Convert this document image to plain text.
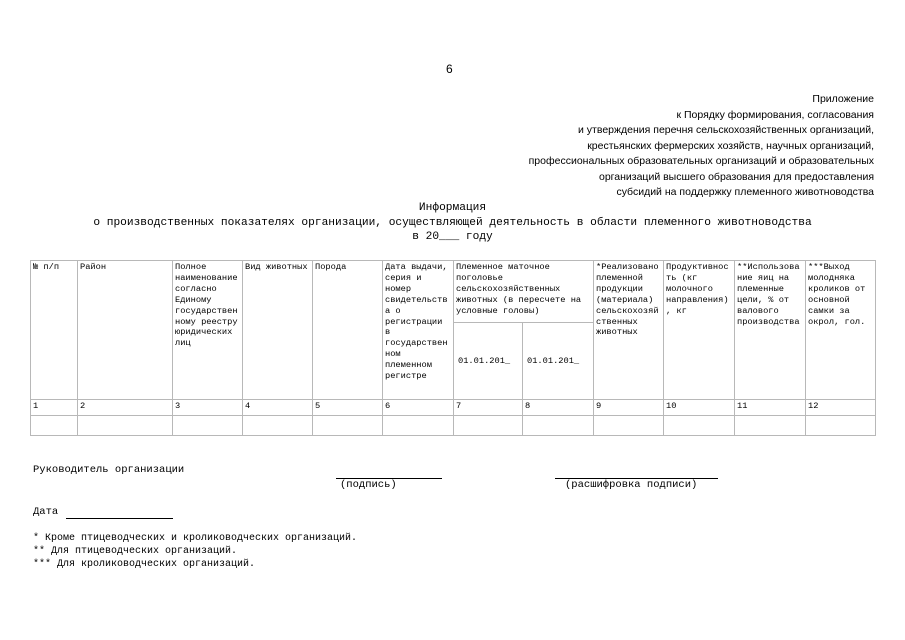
6
Приложение
к Порядку формирования, согласования
и утверждения перечня сельскохозяйственных организаций,
крестьянских фермерских хозяйств, научных организаций,
профессиональных образовательных организаций и образовательных
организаций высшего образования для предоставления
субсидий на поддержку племенного животноводства
Информация
о производственных показателях организации, осуществляющей деятельность в области племенного животноводства
в 20___ году
№ п/п	Район	Полное наименование согласно Единому государственному реестру юридических лиц	Вид животных	Порода	Дата выдачи, серия и номер свидетельства о регистрации в государственном племенном регистре	Племенное маточное поголовье сельскохозяйственных животных (в пересчете на условные головы)		*Реализовано племенной продукции (материала) сельскохозяйственных животных	Продуктивность (кг молочного направления), кг	**Использование яиц на племенные цели, % от валового производства	***Выход молодняка кроликов от основной самки за окрол, гол.
						01.01.201_	01.01.201_				
1	2	3	4	5	6	7	8	9	10	11	12

Руководитель организации
(подпись)	(расшифровка подписи)
Дата
* Кроме птицеводческих и кролиководческих организаций.
** Для птицеводческих организаций.
*** Для кролиководческих организаций.
